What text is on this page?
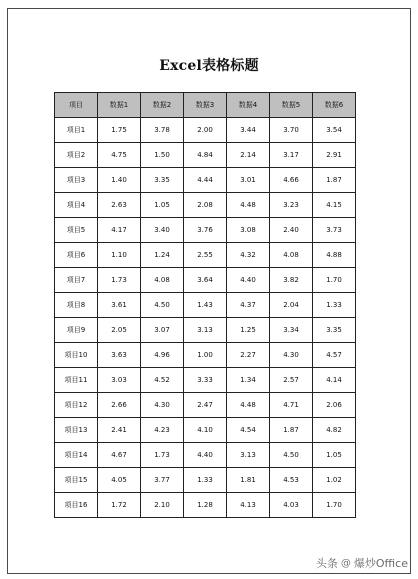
Excel表格标题
项目	数据1	数据2	数据3	数据4	数据5	数据6
项目1	1.75	3.78	2.00	3.44	3.70	3.54
项目2	4.75	1.50	4.84	2.14	3.17	2.91
项目3	1.40	3.35	4.44	3.01	4.66	1.87
项目4	2.63	1.05	2.08	4.48	3.23	4.15
项目5	4.17	3.40	3.76	3.08	2.40	3.73
项目6	1.10	1.24	2.55	4.32	4.08	4.88
项目7	1.73	4.08	3.64	4.40	3.82	1.70
项目8	3.61	4.50	1.43	4.37	2.04	1.33
项目9	2.05	3.07	3.13	1.25	3.34	3.35
项目10	3.63	4.96	1.00	2.27	4.30	4.57
项目11	3.03	4.52	3.33	1.34	2.57	4.14
项目12	2.66	4.30	2.47	4.48	4.71	2.06
项目13	2.41	4.23	4.10	4.54	1.87	4.82
项目14	4.67	1.73	4.40	3.13	4.50	1.05
项目15	4.05	3.77	1.33	1.81	4.53	1.02
项目16	1.72	2.10	1.28	4.13	4.03	1.70
头条 @ 爆炒Office
